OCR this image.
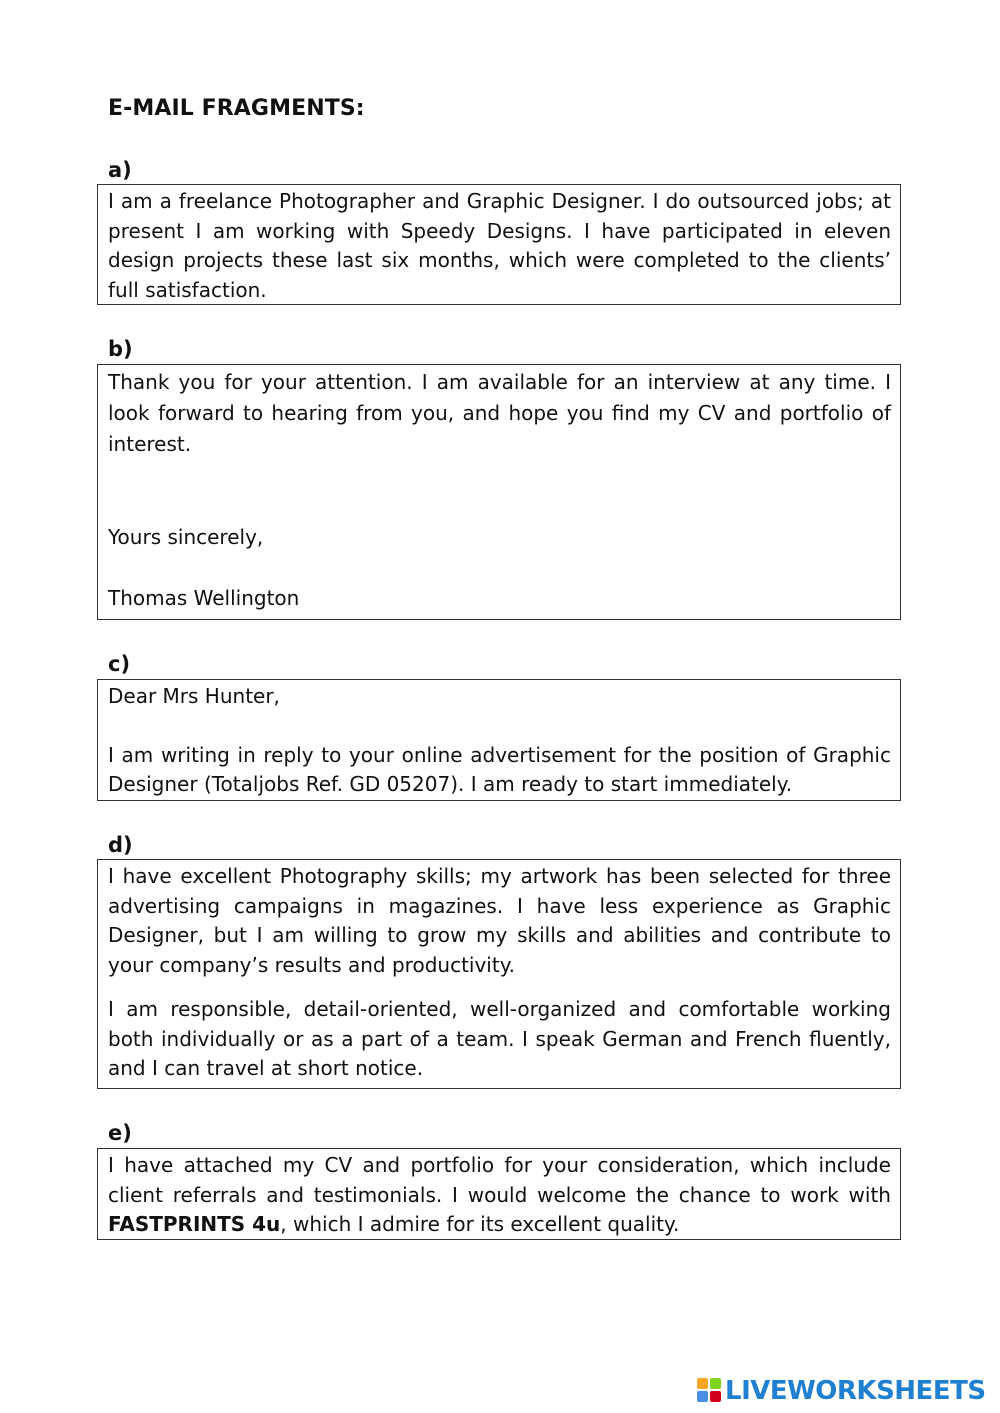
E-MAIL FRAGMENTS:
a)

I am a freelance Photographer and Graphic Designer. I do outsourced jobs; at present I am working with Speedy Designs. I have participated in eleven design projects these last six months, which were completed to the clients’ full satisfaction.

b)

Thank you for your attention. I am available for an interview at any time. I look forward to hearing from you, and hope you find my CV and portfolio of interest.

Yours sincerely,

Thomas Wellington

c)

Dear Mrs Hunter,

I am writing in reply to your online advertisement for the position of Graphic Designer (Totaljobs Ref. GD 05207). I am ready to start immediately.

d)

I have excellent Photography skills; my artwork has been selected for three advertising campaigns in magazines. I have less experience as Graphic Designer, but I am willing to grow my skills and abilities and contribute to your company’s results and productivity.

I am responsible, detail-oriented, well-organized and comfortable working both individually or as a part of a team. I speak German and French fluently, and I can travel at short notice.

e)

I have attached my CV and portfolio for your consideration, which include client referrals and testimonials. I would welcome the chance to work with FASTPRINTS 4u, which I admire for its excellent quality.

LIVEWORKSHEETS
